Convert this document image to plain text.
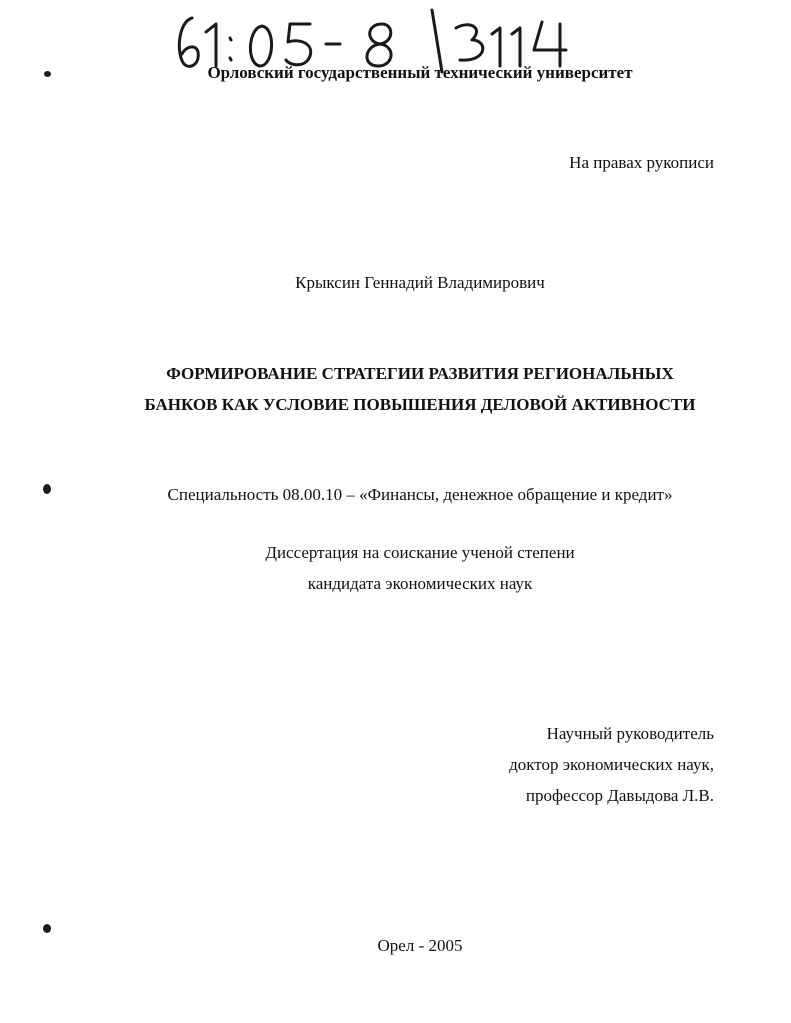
Орловский государственный технический университет
На правах рукописи
Крыксин Геннадий Владимирович
ФОРМИРОВАНИЕ СТРАТЕГИИ РАЗВИТИЯ РЕГИОНАЛЬНЫХ
БАНКОВ КАК УСЛОВИЕ ПОВЫШЕНИЯ ДЕЛОВОЙ АКТИВНОСТИ
Специальность 08.00.10 – «Финансы, денежное обращение и кредит»
Диссертация на соискание ученой степени
кандидата экономических наук
Научный руководитель
доктор экономических наук,
профессор Давыдова Л.В.
Орел - 2005
